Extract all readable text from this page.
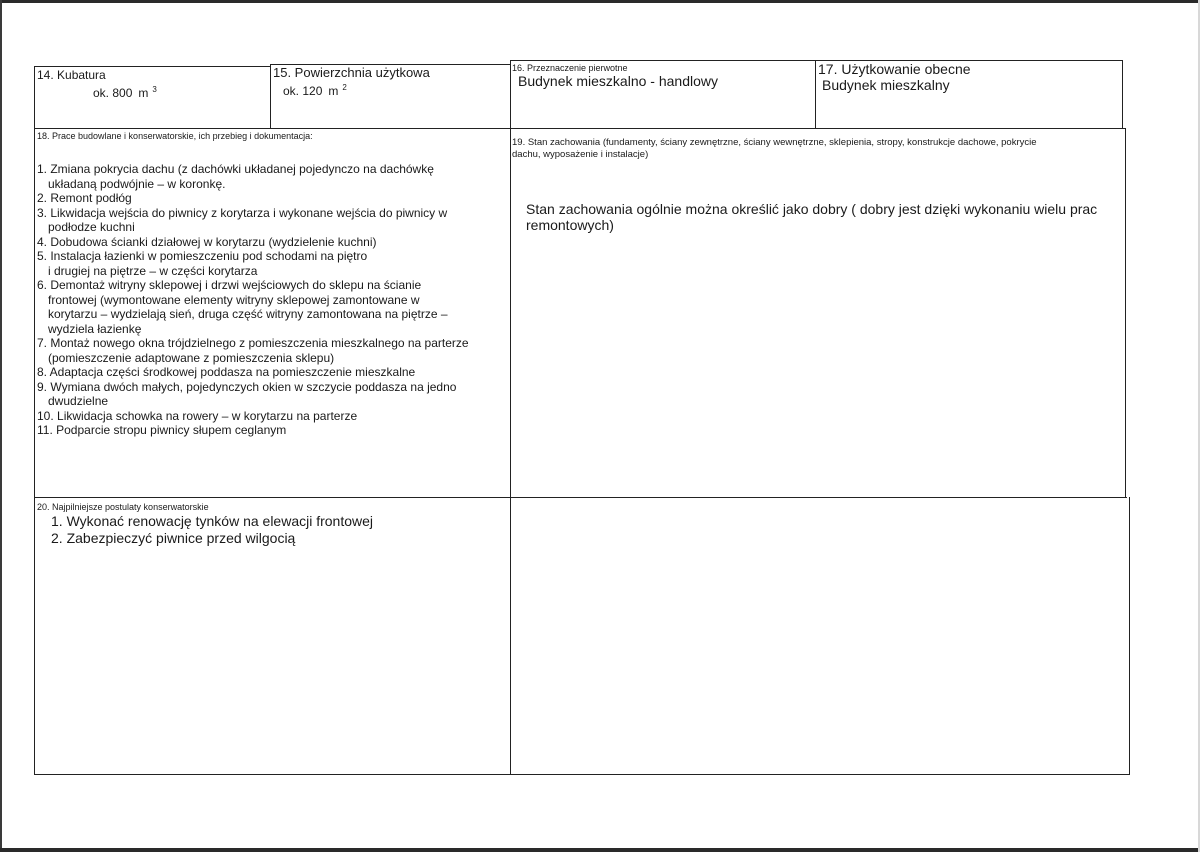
14. Kubatura
ok. 800 m $^3$
15. Powierzchnia użytkowa
ok. 120 m $^2$
16. Przeznaczenie pierwotne
Budynek mieszkalno - handlowy
17. Użytkowanie obecne
Budynek mieszkalny
18. Prace budowlane i konserwatorskie, ich przebieg i dokumentacja:
1. Zmiana pokrycia dachu (z dachówki układanej pojedynczo na dachówkę
układaną podwójnie – w koronkę.
2. Remont podłóg
3. Likwidacja wejścia do piwnicy z korytarza i wykonane wejścia do piwnicy w
podłodze kuchni
4. Dobudowa ścianki działowej w korytarzu (wydzielenie kuchni)
5. Instalacja łazienki w pomieszczeniu pod schodami na piętro
i drugiej na piętrze – w części korytarza
6. Demontaż witryny sklepowej i drzwi wejściowych do sklepu na ścianie
frontowej (wymontowane elementy witryny sklepowej zamontowane w
korytarzu – wydzielają sień, druga część witryny zamontowana na piętrze –
wydziela łazienkę
7. Montaż nowego okna trójdzielnego z pomieszczenia mieszkalnego na parterze
(pomieszczenie adaptowane z pomieszczenia sklepu)
8. Adaptacja części środkowej poddasza na pomieszczenie mieszkalne
9. Wymiana dwóch małych, pojedynczych okien w szczycie poddasza na jedno
dwudzielne
10. Likwidacja schowka na rowery – w korytarzu na parterze
11. Podparcie stropu piwnicy słupem ceglanym
19. Stan zachowania (fundamenty, ściany zewnętrzne, ściany wewnętrzne, sklepienia, stropy, konstrukcje dachowe, pokrycie
dachu, wyposażenie i instalacje)
Stan zachowania ogólnie można określić jako dobry ( dobry jest dzięki wykonaniu wielu prac
remontowych)
20. Najpilniejsze postulaty konserwatorskie
1. Wykonać renowację tynków na elewacji frontowej
2. Zabezpieczyć piwnice przed wilgocią
